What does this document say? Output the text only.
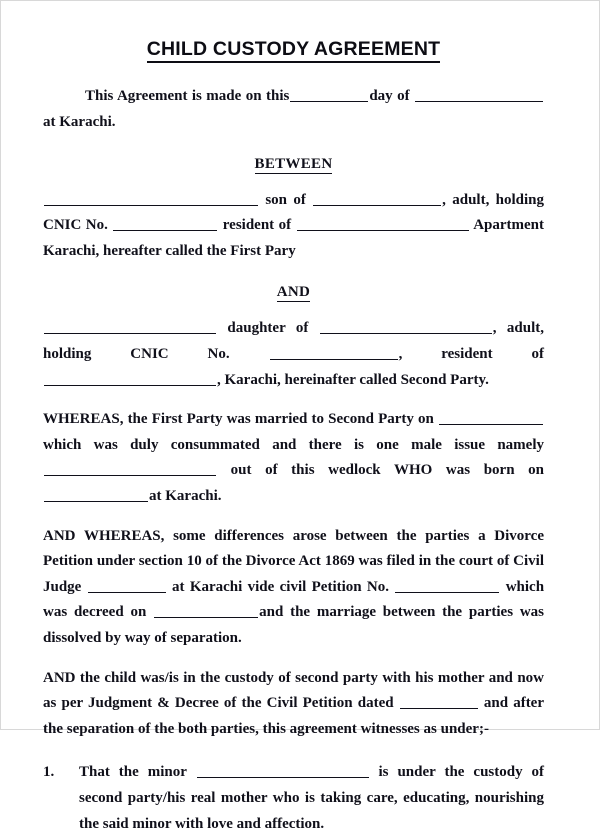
CHILD CUSTODY AGREEMENT

This Agreement is made on this	day of  at Karachi.

BETWEEN

son of	, adult, holding CNIC No.	resident of	Apartment Karachi, hereafter called the First Pary

AND

daughter of	, adult, holding	CNIC No.	, resident of , Karachi, hereinafter called Second Party.

WHEREAS, the First Party was married to Second Party on which was duly consummated and there is one male issue namely  out of this wedlock WHO was born on at Karachi.

AND WHEREAS, some differences arose between the parties a Divorce Petition under section 10 of the Divorce Act 1869 was filed in the court of Civil Judge	at Karachi vide civil Petition No.	which was decreed on	and the marriage between the parties was dissolved by way of separation.

AND the child was/is in the custody of second party with his mother and now as per Judgment & Decree of the Civil Petition dated	and after the separation of the both parties, this agreement witnesses as under;-

1.	That the minor	is under the custody of second party/his real mother who is taking care, educating, nourishing the said minor with love and affection.
